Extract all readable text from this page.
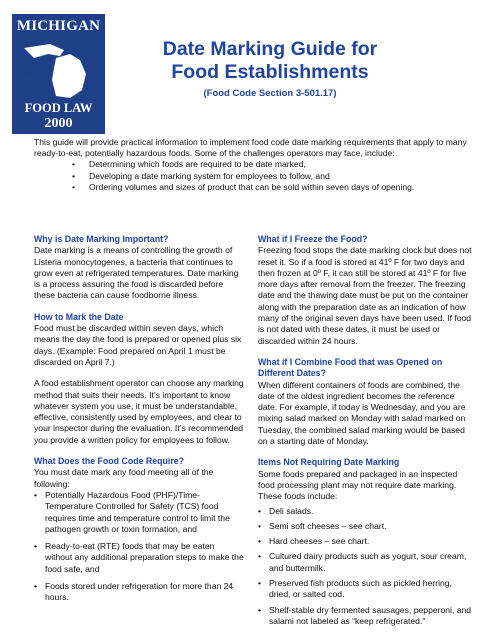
MICHIGAN
Food
Safety
Leader
FOOD LAW
2000
Date Marking Guide for
Food Establishments
(Food Code Section 3-501.17)
This guide will provide practical information to implement food code date marking requirements that apply to many ready-to-eat, potentially hazardous foods. Some of the challenges operators may face, include:
• Determining which foods are required to be date marked,
• Developing a date marking system for employees to follow, and
• Ordering volumes and sizes of product that can be sold within seven days of opening.
Why is Date Marking Important?
Date marking is a means of controlling the growth of Listeria monocytogenes, a bacteria that continues to grow even at refrigerated temperatures. Date marking is a process assuring the food is discarded before these bacteria can cause foodborne illness.
How to Mark the Date
Food must be discarded within seven days, which means the day the food is prepared or opened plus six days. (Example: Food prepared on April 1 must be discarded on April 7.)
A food establishment operator can choose any marking method that suits their needs. It’s important to know whatever system you use, it must be understandable, effective, consistently used by employees, and clear to your inspector during the evaluation. It’s recommended you provide a written policy for employees to follow.
What Does the Food Code Require?
You must date mark any food meeting all of the following:
• Potentially Hazardous Food (PHF)/Time-Temperature Controlled for Safety (TCS) food requires time and temperature control to limit the pathogen growth or toxin formation, and
• Ready-to-eat (RTE) foods that may be eaten without any additional preparation steps to make the food safe, and
• Foods stored under refrigeration for more than 24 hours.
What if I Freeze the Food?
Freezing food stops the date marking clock but does not reset it. So if a food is stored at 41º F for two days and then frozen at 0º F, it can still be stored at 41º F for five more days after removal from the freezer. The freezing date and the thawing date must be put on the container along with the preparation date as an indication of how many of the original seven days have been used. If food is not dated with these dates, it must be used or discarded within 24 hours.
What if I Combine Food that was Opened on Different Dates?
When different containers of foods are combined, the date of the oldest ingredient becomes the reference date. For example, if today is Wednesday, and you are mixing salad marked on Monday with salad marked on Tuesday, the combined salad marking would be based on a starting date of Monday.
Items Not Requiring Date Marking
Some foods prepared and packaged in an inspected food processing plant may not require date marking. These foods include:
• Deli salads.
• Semi soft cheeses – see chart.
• Hard cheeses – see chart.
• Cultured dairy products such as yogurt, sour cream, and buttermilk.
• Preserved fish products such as pickled herring, dried, or salted cod.
• Shelf-stable dry fermented sausages, pepperoni, and salami not labeled as “keep refrigerated.”
